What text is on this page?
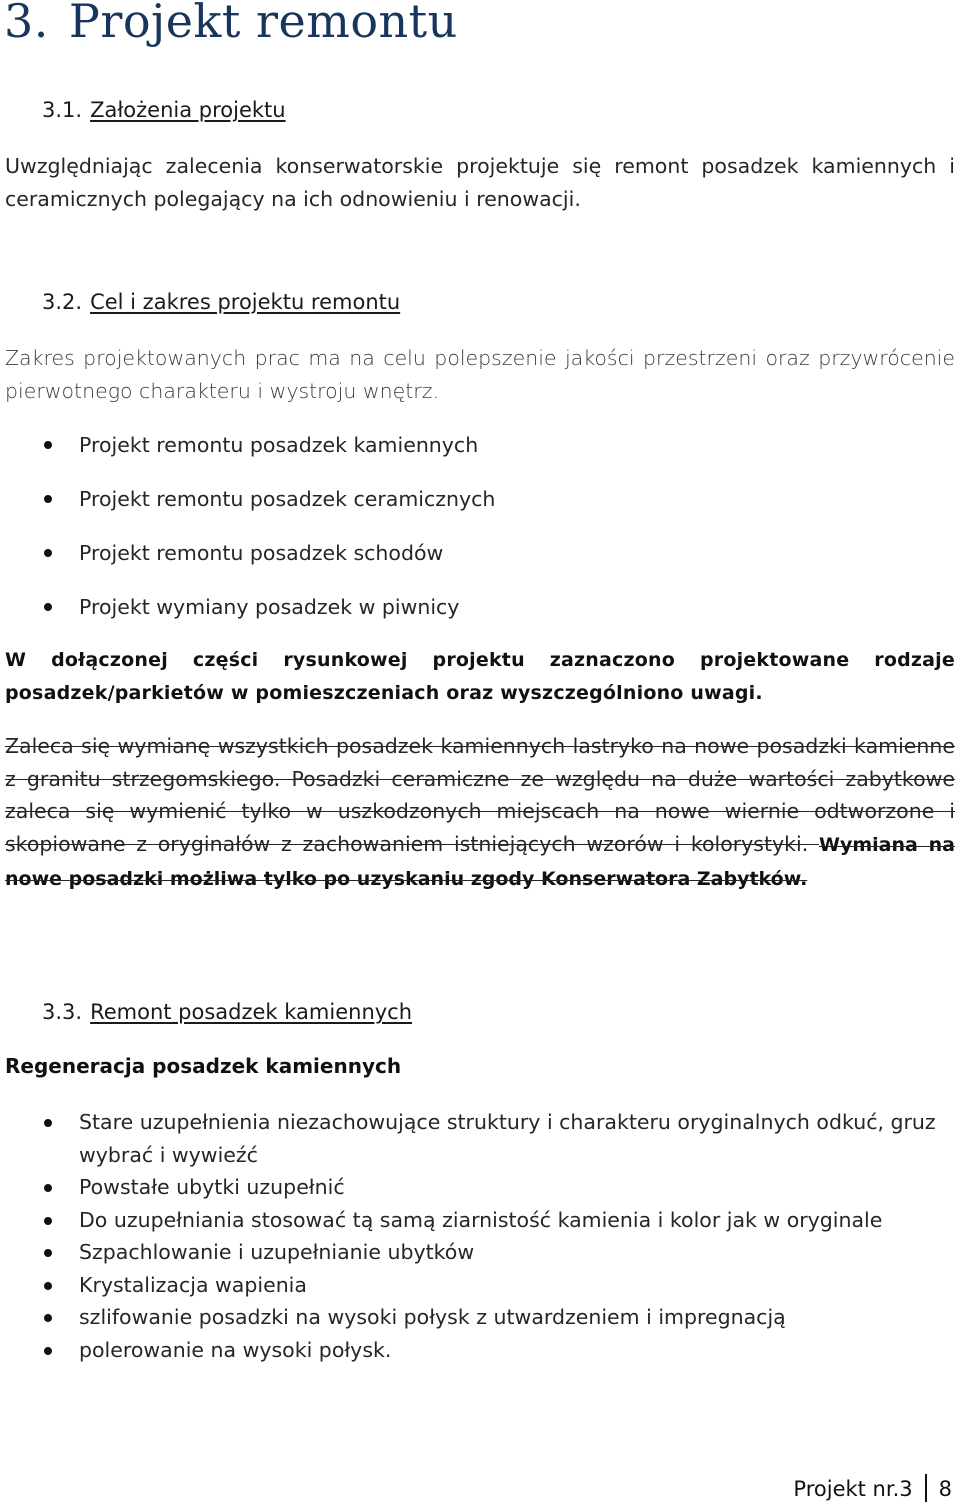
3. Projekt remontu
3.1. Założenia projektu
Uwzględniając zalecenia konserwatorskie projektuje się remont posadzek kamiennych i ceramicznych polegający na ich odnowieniu i renowacji.
3.2. Cel i zakres projektu remontu
Zakres projektowanych prac ma na celu polepszenie jakości przestrzeni oraz przywrócenie pierwotnego charakteru i wystroju wnętrz.
Projekt remontu posadzek kamiennych
Projekt remontu posadzek ceramicznych
Projekt remontu posadzek schodów
Projekt wymiany posadzek w piwnicy
W dołączonej części rysunkowej projektu zaznaczono projektowane rodzaje posadzek/parkietów w pomieszczeniach oraz wyszczególniono uwagi.
Zaleca się wymianę wszystkich posadzek kamiennych lastryko na nowe posadzki kamienne z granitu strzegomskiego. Posadzki ceramiczne ze względu na duże wartości zabytkowe zaleca się wymienić tylko w uszkodzonych miejscach na nowe wiernie odtworzone i skopiowane z oryginałów z zachowaniem istniejących wzorów i kolorystyki. Wymiana na nowe posadzki możliwa tylko po uzyskaniu zgody Konserwatora Zabytków.
3.3. Remont posadzek kamiennych
Regeneracja posadzek kamiennych
Stare uzupełnienia niezachowujące struktury i charakteru oryginalnych odkuć, gruz wybrać i wywieźć
Powstałe ubytki uzupełnić
Do uzupełniania stosować tą samą ziarnistość kamienia i kolor jak w oryginale
Szpachlowanie i uzupełnianie ubytków
Krystalizacja wapienia
szlifowanie posadzki na wysoki połysk z utwardzeniem i impregnacją
polerowanie na wysoki połysk.
Projekt nr.3 8
